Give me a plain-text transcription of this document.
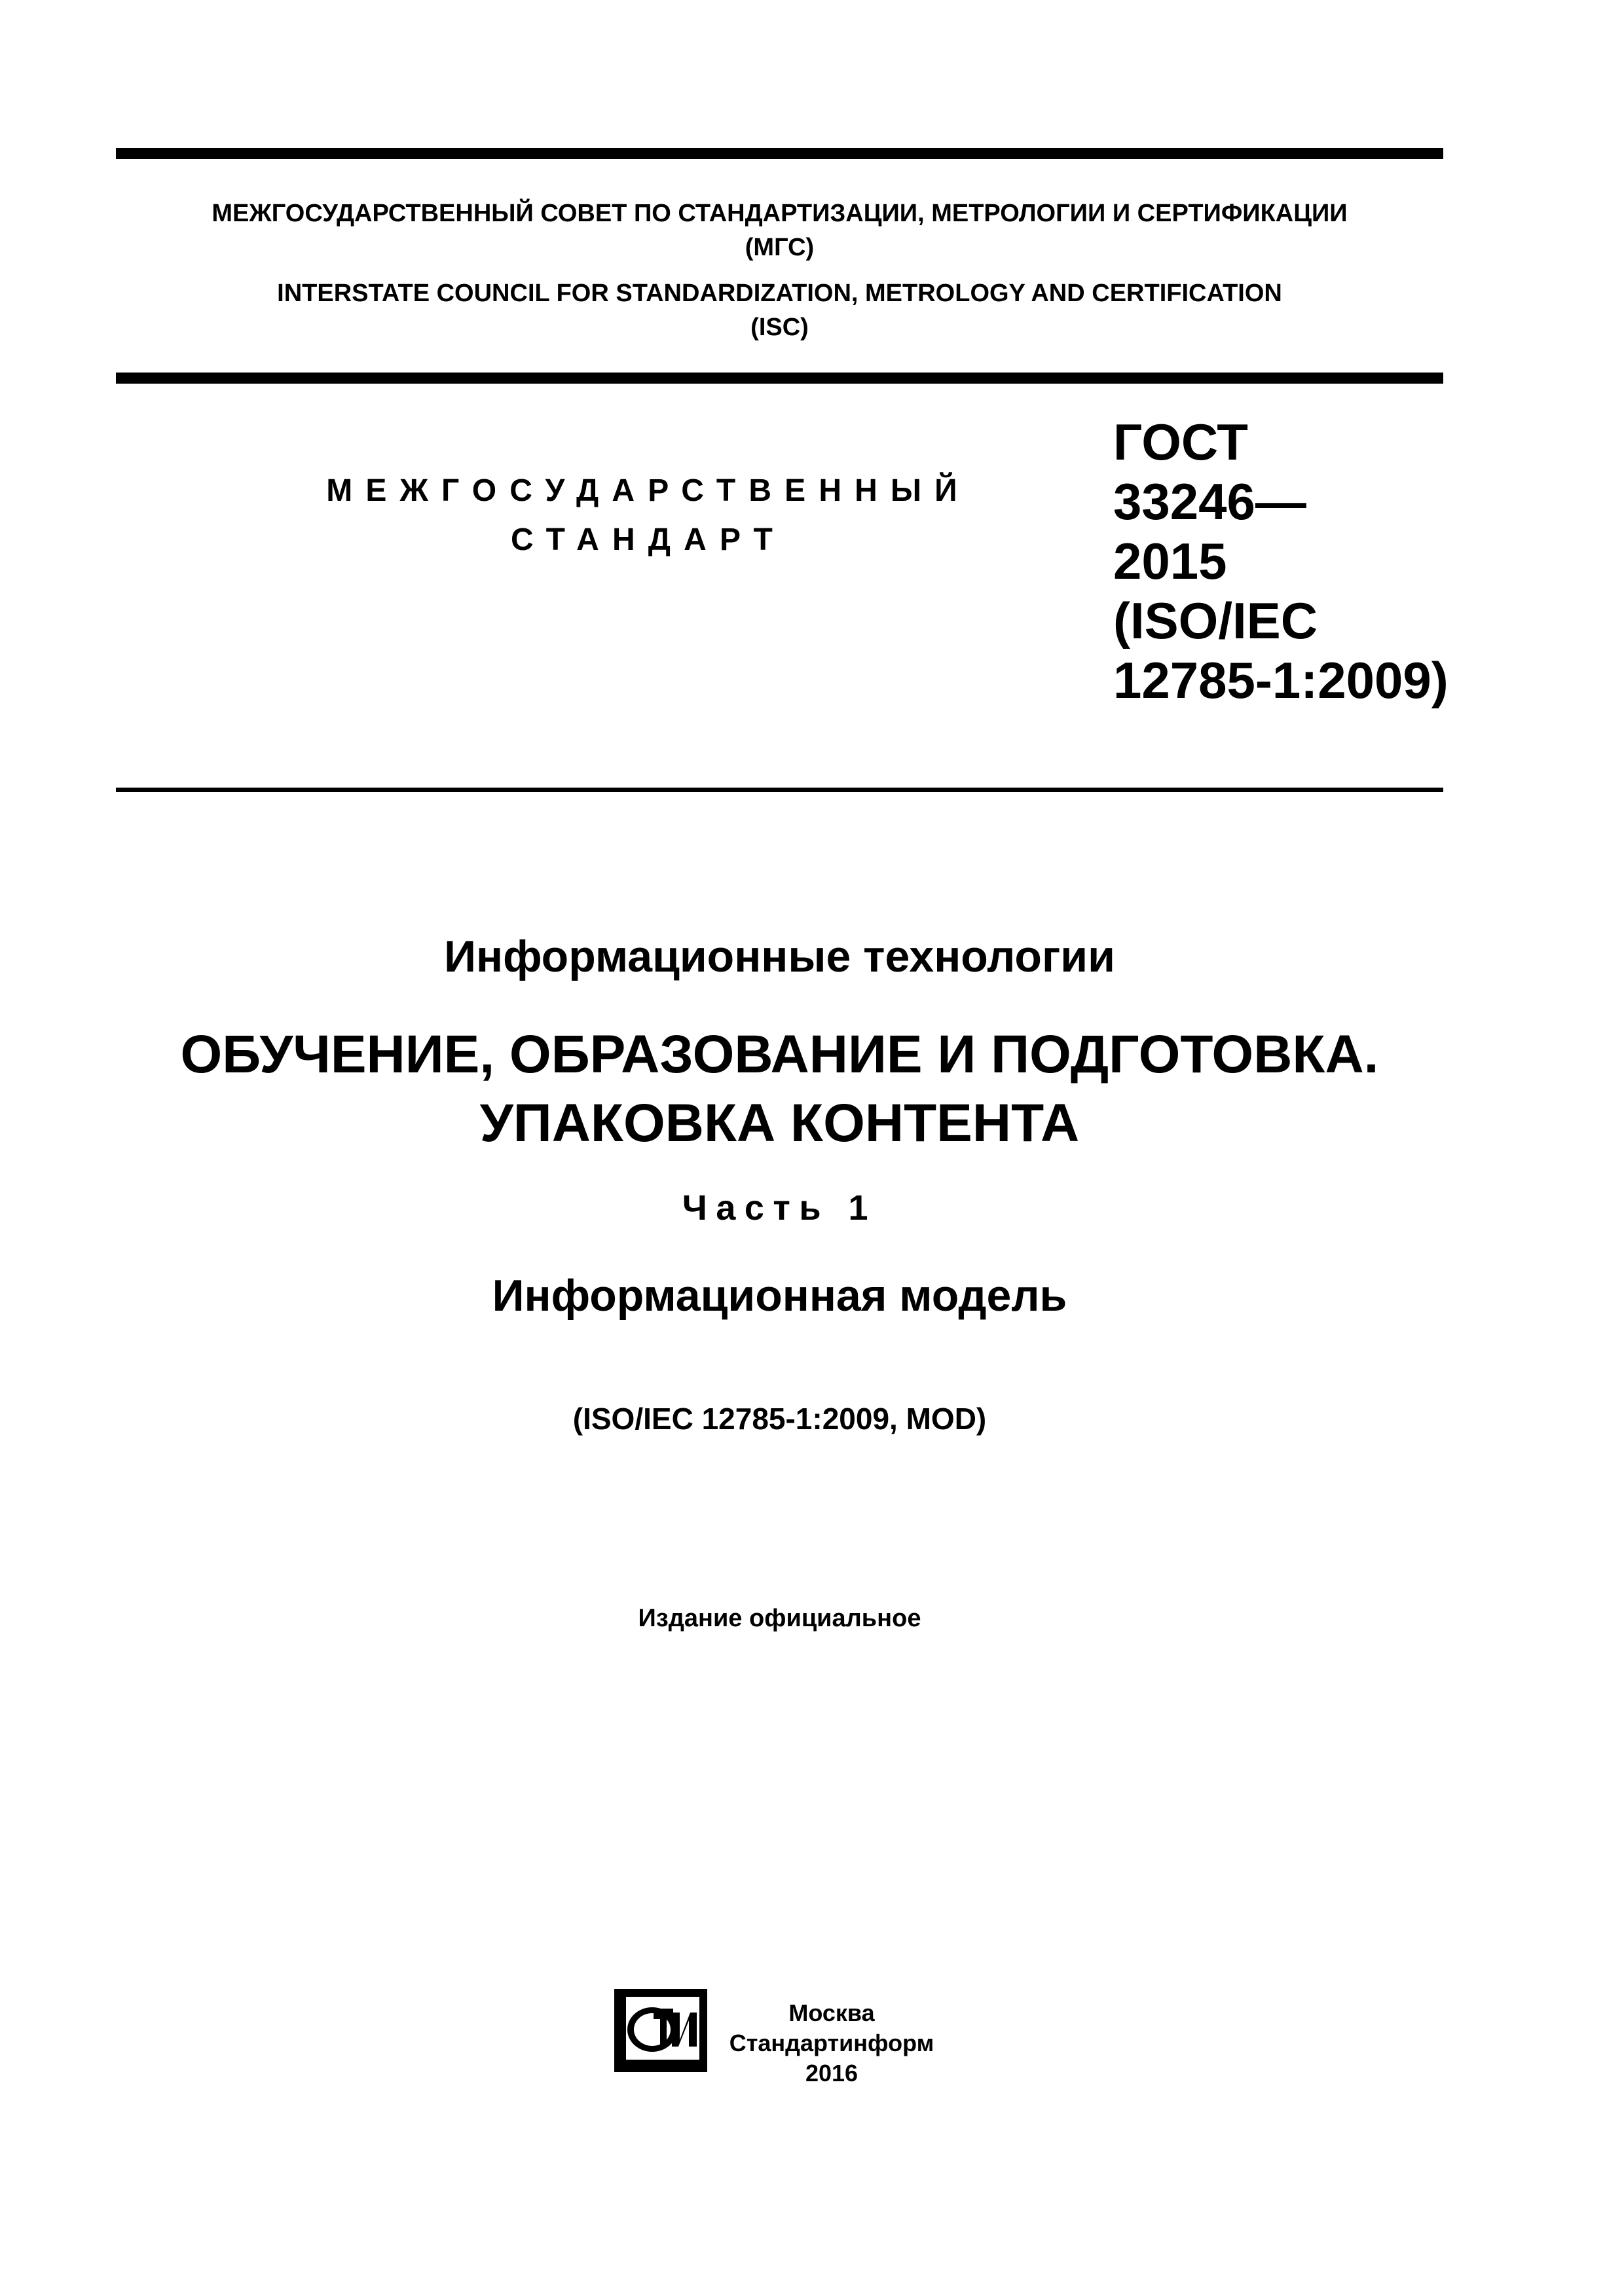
МЕЖГОСУДАРСТВЕННЫЙ СОВЕТ ПО СТАНДАРТИЗАЦИИ, МЕТРОЛОГИИ И СЕРТИФИКАЦИИ
(МГС)
INTERSTATE COUNCIL FOR STANDARDIZATION, METROLOGY AND CERTIFICATION
(ISC)
МЕЖГОСУДАРСТВЕННЫЙ
СТАНДАРТ
ГОСТ
33246—
2015
(ISO/IEC
12785-1:2009)
Информационные технологии
ОБУЧЕНИЕ, ОБРАЗОВАНИЕ И ПОДГОТОВКА.
УПАКОВКА КОНТЕНТА
Часть 1
Информационная модель
(ISO/IEC 12785-1:2009, MOD)
Издание официальное
Москва
Стандартинформ
2016
